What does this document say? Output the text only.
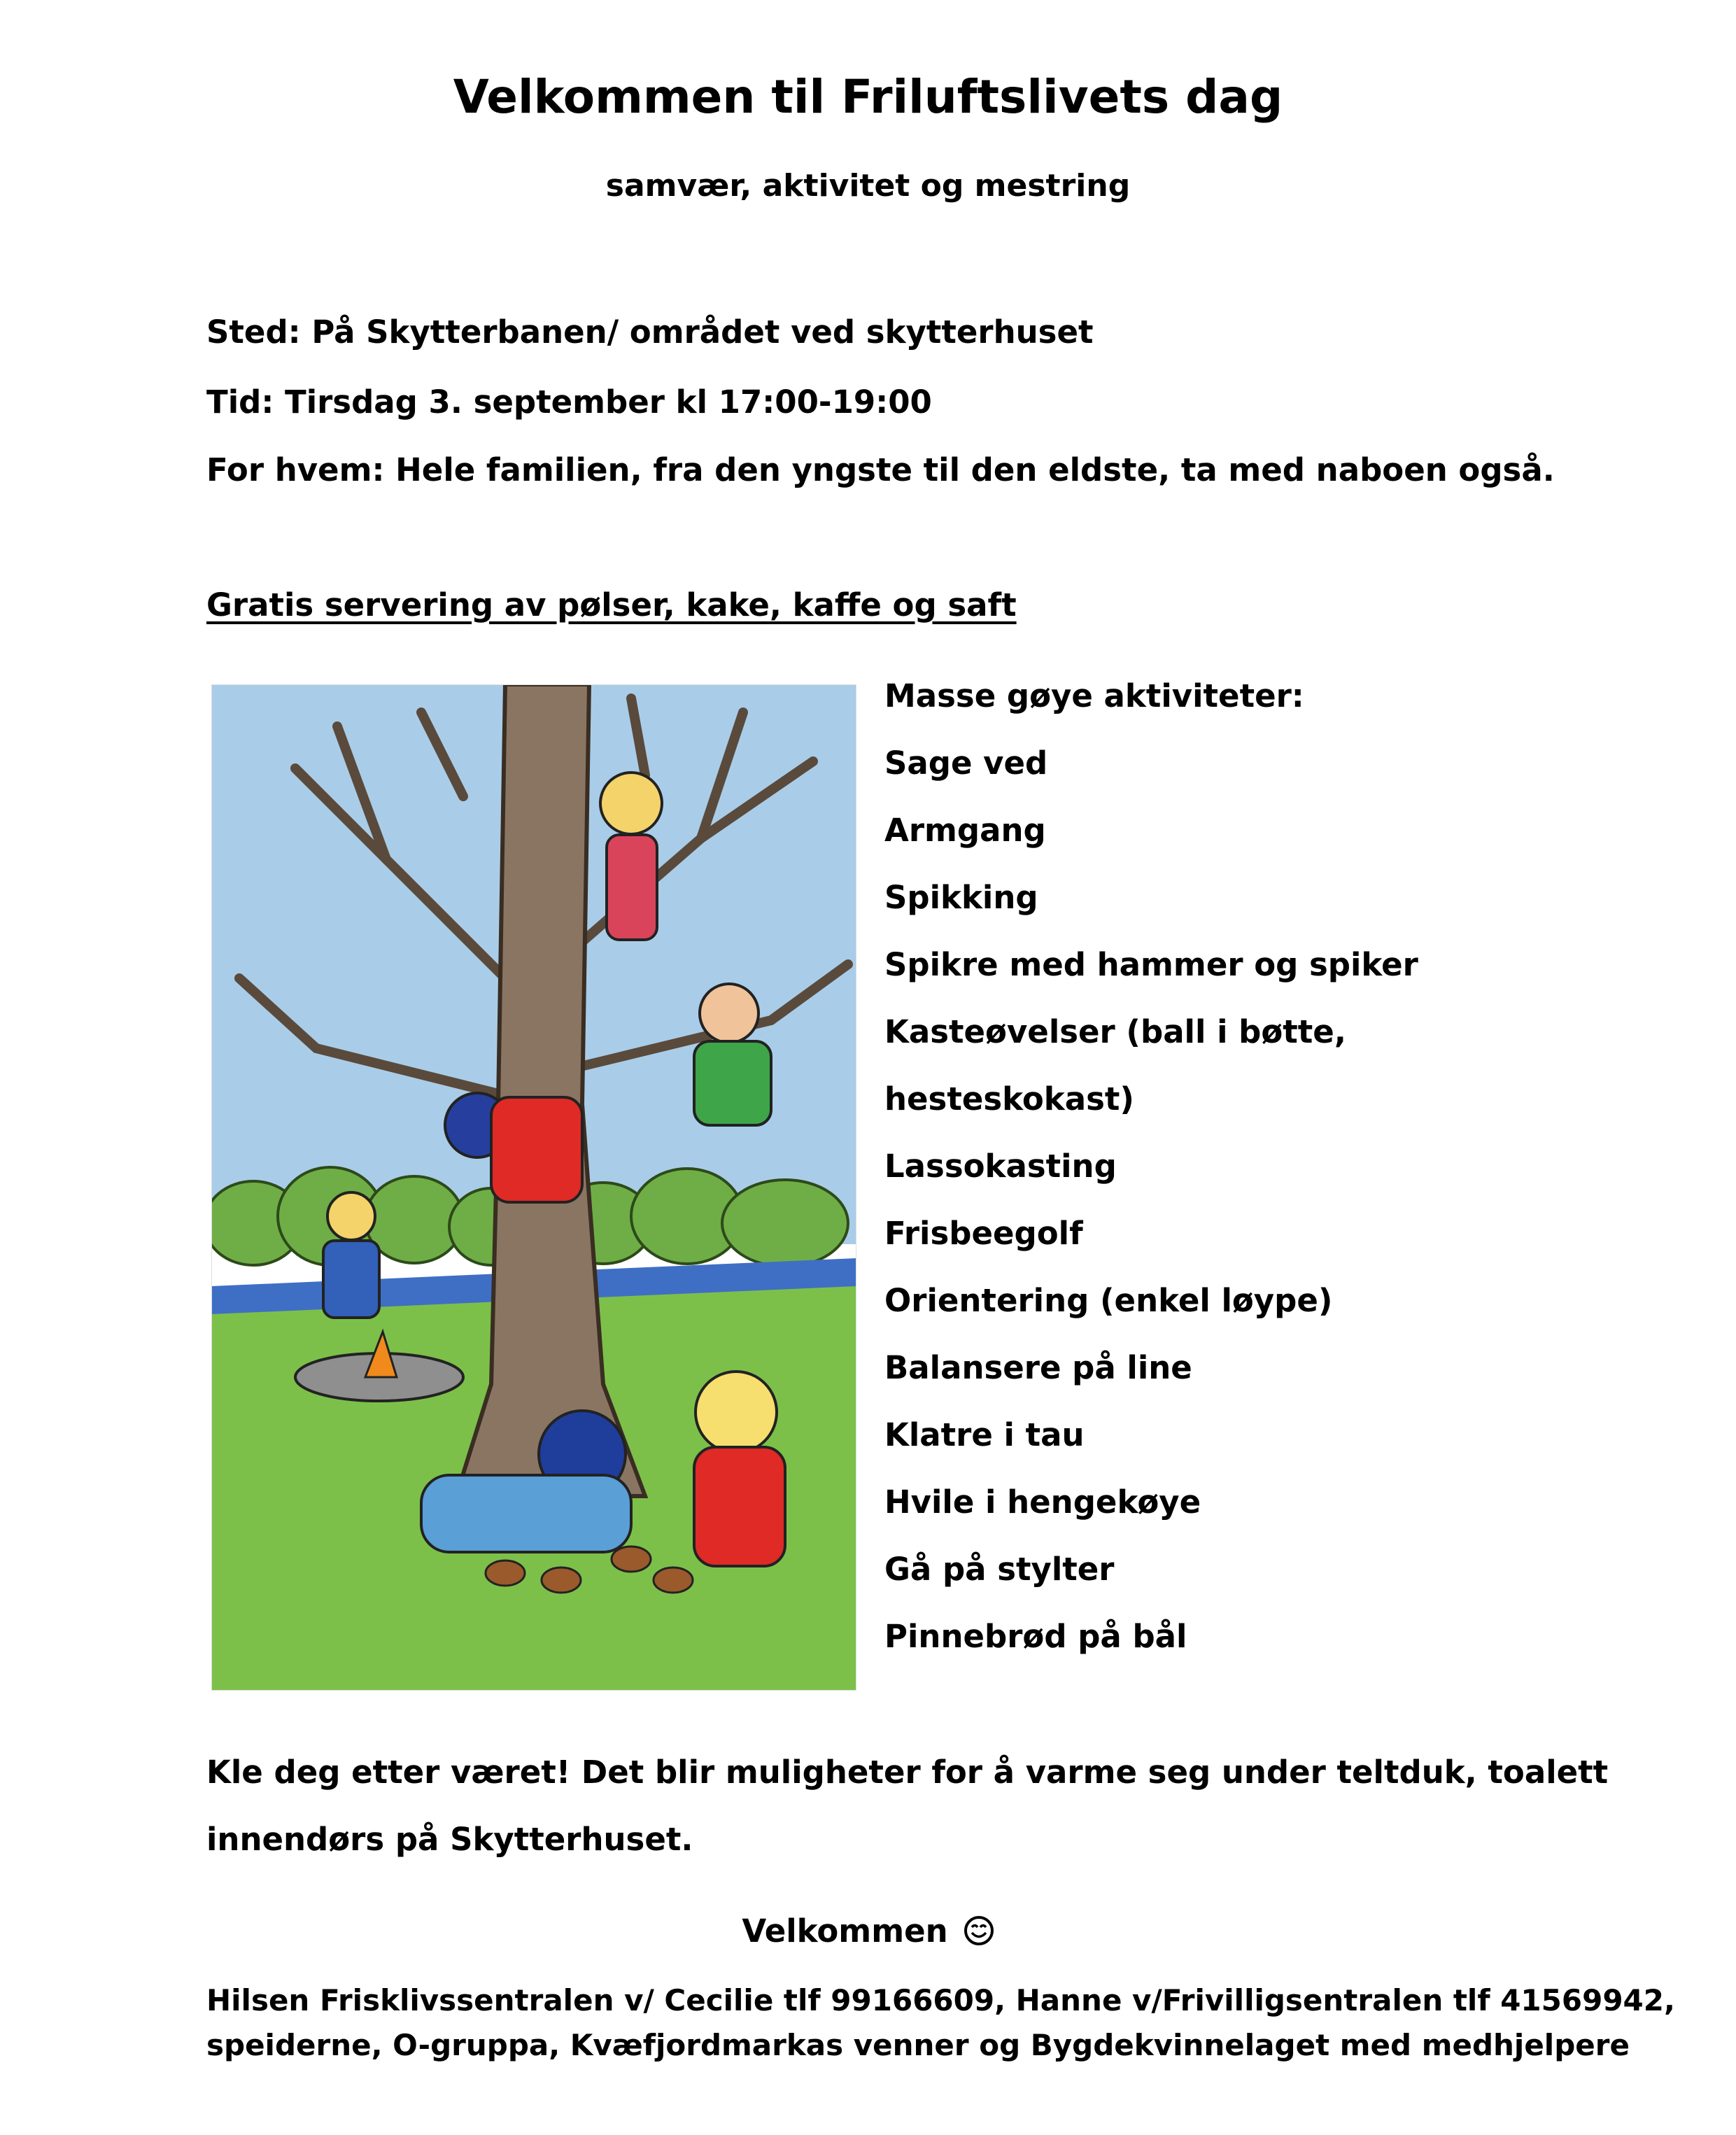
Velkommen til Friluftslivets dag
samvær, aktivitet og mestring
Sted: På Skytterbanen/ området ved skytterhuset
Tid: Tirsdag 3. september kl 17:00-19:00
For hvem: Hele familien, fra den yngste til den eldste, ta med naboen også.
Gratis servering av pølser, kake, kaffe og saft
Masse gøye aktiviteter:
Sage ved
Armgang
Spikking
Spikre med hammer og spiker
Kasteøvelser (ball i bøtte,
hesteskokast)
Lassokasting
Frisbeegolf
Orientering (enkel løype)
Balansere på line
Klatre i tau
Hvile i hengekøye
Gå på stylter
Pinnebrød på bål
Kle deg etter været! Det blir muligheter for å varme seg under teltduk, toalett
innendørs på Skytterhuset.
Velkommen
Hilsen Frisklivssentralen v/ Cecilie tlf 99166609, Hanne v/Frivilligsentralen tlf 41569942,
speiderne, O-gruppa, Kvæfjordmarkas venner og Bygdekvinnelaget med medhjelpere
